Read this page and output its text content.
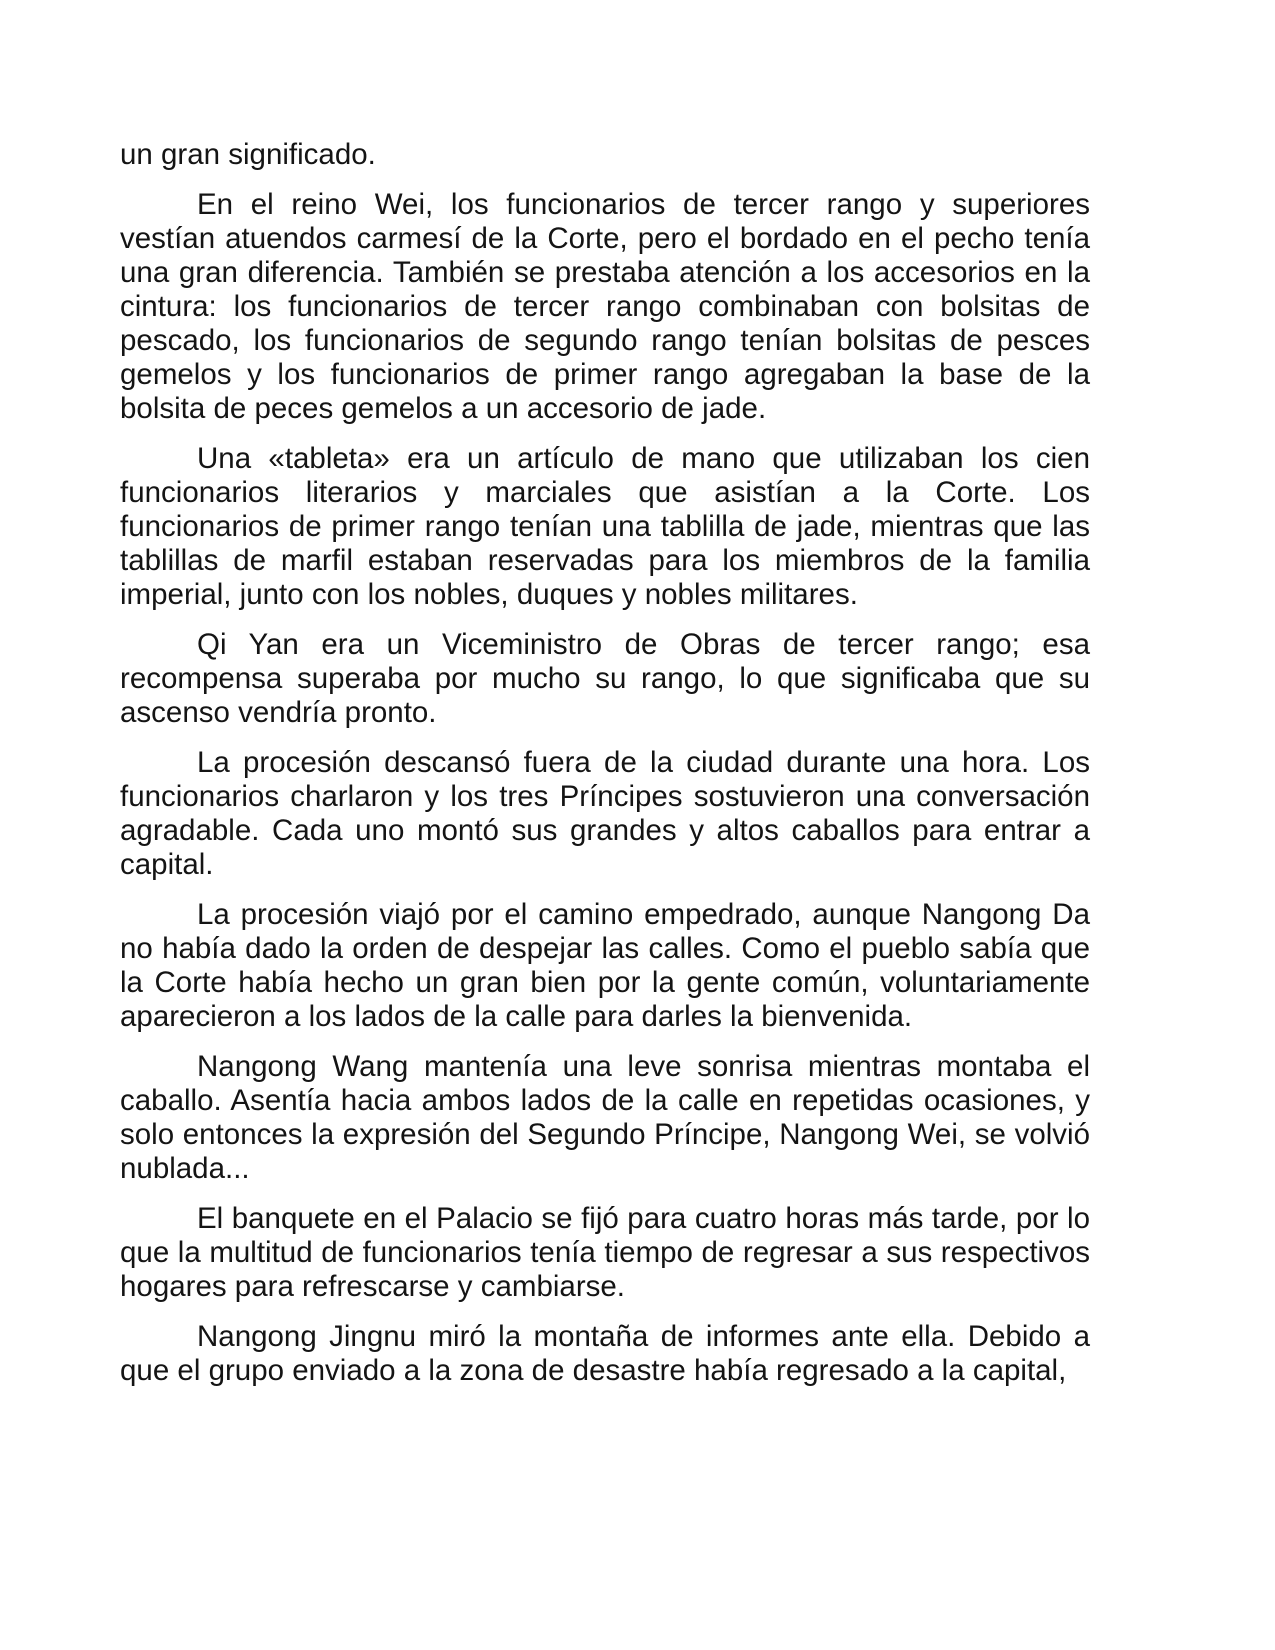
un gran significado.

En el reino Wei, los funcionarios de tercer rango y superiores vestían atuendos carmesí de la Corte, pero el bordado en el pecho tenía una gran diferencia. También se prestaba atención a los accesorios en la cintura: los funcionarios de tercer rango combinaban con bolsitas de pescado, los funcionarios de segundo rango tenían bolsitas de pesces gemelos y los funcionarios de primer rango agregaban la base de la bolsita de peces gemelos a un accesorio de jade.

Una «tableta» era un artículo de mano que utilizaban los cien funcionarios literarios y marciales que asistían a la Corte. Los funcionarios de primer rango tenían una tablilla de jade, mientras que las tablillas de marfil estaban reservadas para los miembros de la familia imperial, junto con los nobles, duques y nobles militares.

Qi Yan era un Viceministro de Obras de tercer rango; esa recompensa superaba por mucho su rango, lo que significaba que su ascenso vendría pronto.

La procesión descansó fuera de la ciudad durante una hora. Los funcionarios charlaron y los tres Príncipes sostuvieron una conversación agradable. Cada uno montó sus grandes y altos caballos para entrar a capital.

La procesión viajó por el camino empedrado, aunque Nangong Da no había dado la orden de despejar las calles. Como el pueblo sabía que la Corte había hecho un gran bien por la gente común, voluntariamente aparecieron a los lados de la calle para darles la bienvenida.

Nangong Wang mantenía una leve sonrisa mientras montaba el caballo. Asentía hacia ambos lados de la calle en repetidas ocasiones, y solo entonces la expresión del Segundo Príncipe, Nangong Wei, se volvió nublada...

El banquete en el Palacio se fijó para cuatro horas más tarde, por lo que la multitud de funcionarios tenía tiempo de regresar a sus respectivos hogares para refrescarse y cambiarse.

Nangong Jingnu miró la montaña de informes ante ella. Debido a que el grupo enviado a la zona de desastre había regresado a la capital,
